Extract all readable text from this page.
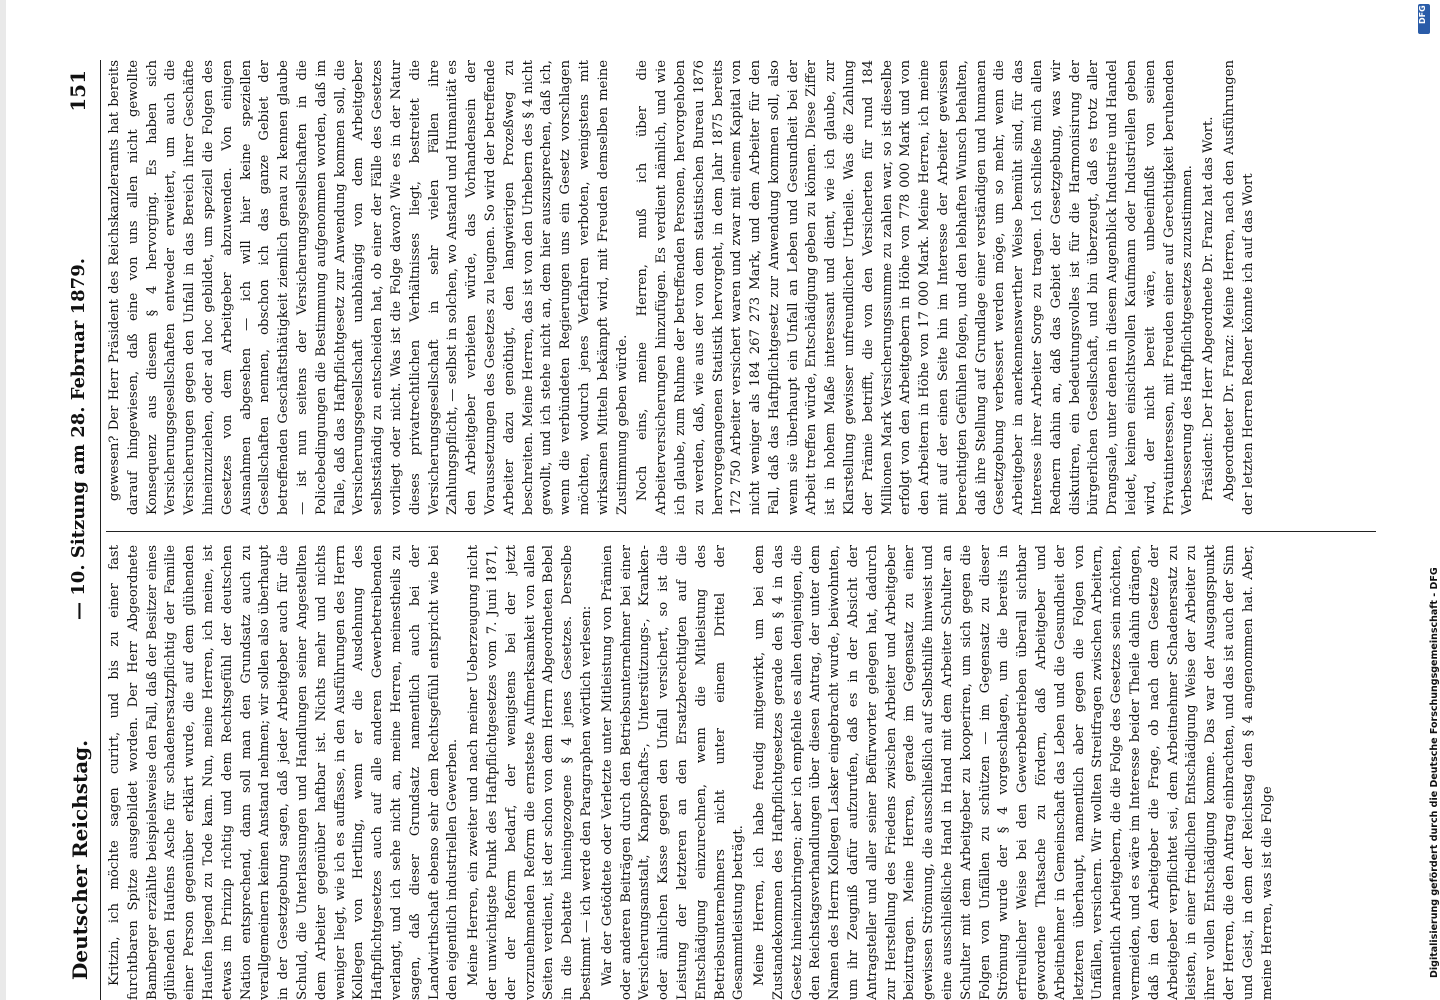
Deutscher Reichstag.
— 10. Sitzung am 28. Februar 1879.
151

Kritzin, ich möchte sagen curirt, und bis zu einer fast furchtbaren Spitze ausgebildet worden. Der Herr Abgeordnete Bamberger erzählte beispielsweise den Fall, daß der Besitzer eines glühenden Haufens Asche für schadenersatzpflichtig der Familie einer Person gegenüber erklärt wurde, die auf dem glühenden Haufen liegend zu Tode kam. Nun, meine Herren, ich meine, ist etwas im Prinzip richtig und dem Rechtsgefühl der deutschen Nation entsprechend, dann soll man den Grundsatz auch zu verallgemeinern keinen Anstand nehmen; wir sollen also überhaupt in der Gesetzgebung sagen, daß jeder Arbeitgeber auch für die Schuld, die Unterlassungen und Handlungen seiner Angestellten dem Arbeiter gegenüber haftbar ist. Nichts mehr und nichts weniger liegt, wie ich es auffasse, in den Ausführungen des Herrn Kollegen von Hertling, wenn er die Ausdehnung des Haftpflichtgesetzes auch auf alle anderen Gewerbetreibenden verlangt, und ich sehe nicht an, meine Herren, meinestheils zu sagen, daß dieser Grundsatz namentlich auch bei der Landwirthschaft ebenso sehr dem Rechtsgefühl entspricht wie bei den eigentlich industriellen Gewerben. Meine Herren, ein zweiter und nach meiner Ueberzeugung nicht der unwichtigste Punkt des Haftpflichtgesetzes vom 7. Juni 1871, der der Reform bedarf, der wenigstens bei der jetzt vorzunehmenden Reform die ernsteste Aufmerksamkeit von allen Seiten verdient, ist der schon von dem Herrn Abgeordneten Bebel in die Debatte hineingezogene § 4 jenes Gesetzes. Derselbe bestimmt — ich werde den Paragraphen wörtlich verlesen: War der Getödtete oder Verletzte unter Mitleistung von Prämien oder anderen Beiträgen durch den Betriebsunternehmer bei einer Versicherungsanstalt, Knappschafts-, Unterstützungs-, Kranken- oder ähnlichen Kasse gegen den Unfall versichert, so ist die Leistung der letzteren an den Ersatzberechtigten auf die Entschädigung einzurechnen, wenn die Mitleistung des Betriebsunternehmers nicht unter einem Drittel der Gesammtleistung beträgt. Meine Herren, ich habe freudig mitgewirkt, um bei dem Zustandekommen des Haftpflichtgesetzes gerade den § 4 in das Gesetz hineinzubringen; aber ich empfehle es allen denjenigen, die den Reichstagsverhandlungen über diesen Antrag, der unter dem Namen des Herrn Kollegen Lasker eingebracht wurde, beiwohnten, um ihr Zeugniß dafür aufzurufen, daß es in der Absicht der Antragsteller und aller seiner Befürworter gelegen hat, dadurch zur Herstellung des Friedens zwischen Arbeiter und Arbeitgeber beizutragen. Meine Herren, gerade im Gegensatz zu einer gewissen Strömung, die ausschließlich auf Selbsthilfe hinweist und eine ausschließliche Hand in Hand mit dem Arbeiter Schulter an Schulter mit dem Arbeitgeber zu kooperiren, um sich gegen die Folgen von Unfällen zu schützen — im Gegensatz zu dieser Strömung wurde der § 4 vorgeschlagen, um die bereits in erfreulicher Weise bei den Gewerbebetrieben überall sichtbar gewordene Thatsache zu fördern, daß Arbeitgeber und Arbeitnehmer in Gemeinschaft das Leben und die Gesundheit der letzteren überhaupt, namentlich aber gegen die Folgen von Unfällen, versichern. Wir wollten Streitfragen zwischen Arbeitern, namentlich Arbeitgebern, die die Folge des Gesetzes sein möchten, vermeiden, und es wäre im Interesse beider Theile dahin drängen, daß in den Arbeitgeber die Frage, ob nach dem Gesetze der Arbeitgeber verpflichtet sei, dem Arbeitnehmer Schadenersatz zu leisten, in einer friedlichen Entschädigung Weise der Arbeiter zu ihrer vollen Entschädigung komme. Das war der Ausgangspunkt der Herren, die den Antrag einbrachten, und das ist auch der Sinn und Geist, in dem der Reichstag den § 4 angenommen hat. Aber, meine Herren, was ist die Folge

gewesen? Der Herr Präsident des Reichskanzleramts hat bereits darauf hingewiesen, daß eine von uns allen nicht gewollte Konsequenz aus diesem § 4 hervorging. Es haben sich Versicherungsgesellschaften entweder erweitert, um auch die Versicherungen gegen den Unfall in das Bereich ihrer Geschäfte hineinzuziehen, oder ad hoc gebildet, um speziell die Folgen des Gesetzes von dem Arbeitgeber abzuwenden. Von einigen Ausnahmen abgesehen — ich will hier keine speziellen Gesellschaften nennen, obschon ich das ganze Gebiet der betreffenden Geschäftsthätigkeit ziemlich genau zu kennen glaube — ist nun seitens der Versicherungsgesellschaften in die Policebedingungen die Bestimmung aufgenommen worden, daß im Falle, daß das Haftpflichtgesetz zur Anwendung kommen soll, die Versicherungsgesellschaft unabhängig von dem Arbeitgeber selbstständig zu entscheiden hat, ob einer der Fälle des Gesetzes vorliegt oder nicht. Was ist die Folge davon? Wie es in der Natur dieses privatrechtlichen Verhältnisses liegt, bestreitet die Versicherungsgesellschaft in sehr vielen Fällen ihre Zahlungspflicht, — selbst in solchen, wo Anstand und Humanität es den Arbeitgeber verbieten würde, das Vorhandensein der Voraussetzungen des Gesetzes zu leugnen. So wird der betreffende Arbeiter dazu genöthigt, den langwierigen Prozeßweg zu beschreiten. Meine Herren, das ist von den Urhebern des § 4 nicht gewollt, und ich stehe nicht an, dem hier auszusprechen, daß ich, wenn die verbündeten Regierungen uns ein Gesetz vorschlagen möchten, wodurch jenes Verfahren verboten, wenigstens mit wirksamen Mitteln bekämpft wird, mit Freuden demselben meine Zustimmung geben würde. Noch eins, meine Herren, muß ich über die Arbeiterversicherungen hinzufügen. Es verdient nämlich, und wie ich glaube, zum Ruhme der betreffenden Personen, hervorgehoben zu werden, daß, wie aus der von dem statistischen Bureau 1876 hervorgegangenen Statistik hervorgeht, in dem Jahr 1875 bereits 172 750 Arbeiter versichert waren und zwar mit einem Kapital von nicht weniger als 184 267 273 Mark, und dem Arbeiter für den Fall, daß das Haftpflichtgesetz zur Anwendung kommen soll, also wenn sie überhaupt ein Unfall an Leben und Gesundheit bei der Arbeit treffen würde, Entschädigung geben zu können. Diese Ziffer ist in hohem Maße interessant und dient, wie ich glaube, zur Klarstellung gewisser unfreundlicher Urtheile. Was die Zahlung der Prämie betrifft, die von den Versicherten für rund 184 Millionen Mark Versicherungssumme zu zahlen war, so ist dieselbe erfolgt von den Arbeitgebern in Höhe von 778 000 Mark und von den Arbeitern in Höhe von 17 000 Mark. Meine Herren, ich meine mit auf der einen Seite hin im Interesse der Arbeiter gewissen berechtigten Gefühlen folgen, und den lebhaften Wunsch behalten, daß ihre Stellung auf Grundlage einer verständigen und humanen Gesetzgebung verbessert werden möge, um so mehr, wenn die Arbeitgeber in anerkennenswerther Weise bemüht sind, für das Interesse ihrer Arbeiter Sorge zu tragen. Ich schließe mich allen Rednern dahin an, daß das Gebiet der Gesetzgebung, was wir diskutiren, ein bedeutungsvolles ist für die Harmonisirung der bürgerlichen Gesellschaft, und bin überzeugt, daß es trotz aller Drangsale, unter denen in diesem Augenblick Industrie und Handel leidet, keinen einsichtsvollen Kaufmann oder Industriellen geben wird, der nicht bereit wäre, unbeeinflußt von seinen Privatinteressen, mit Freuden einer auf Gerechtigkeit beruhenden Verbesserung des Haftpflichtgesetzes zuzustimmen. Präsident: Der Herr Abgeordnete Dr. Franz hat das Wort. Abgeordneter Dr. Franz: Meine Herren, nach den Ausführungen der letzten Herren Redner könnte ich auf das Wort

DFG
Digitalisierung gefördert durch die Deutsche Forschungsgemeinschaft - DFG
